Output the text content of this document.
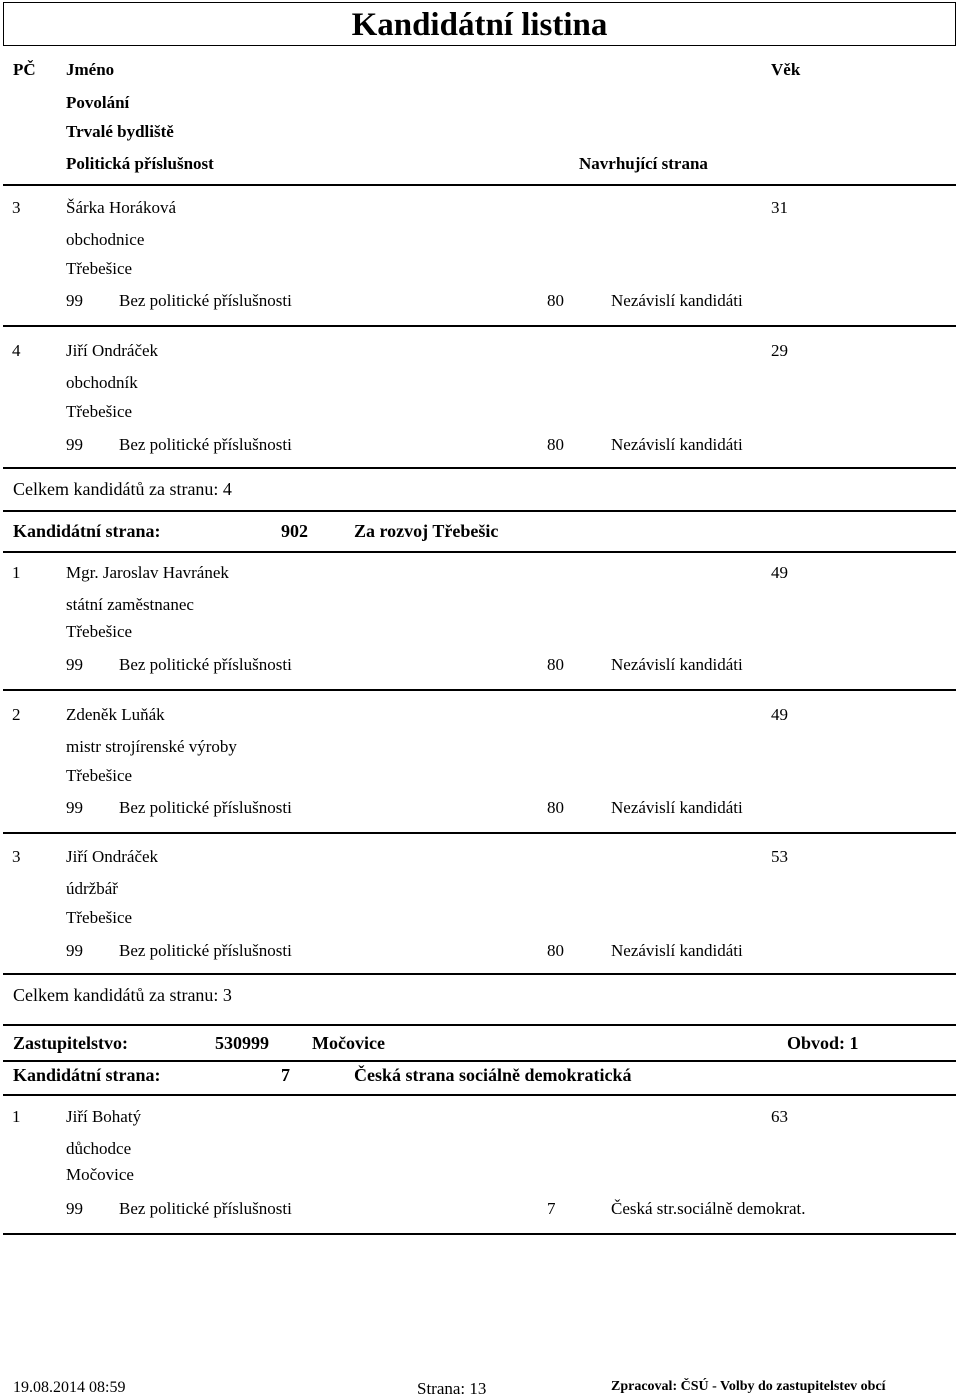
Kandidátní listina
PČ Jméno	Věk
Povolání
Trvalé bydliště
Politická příslušnost	Navrhující strana
3	Šárka Horáková	31
obchodnice
Třebešice
99 Bez politické příslušnosti	80	Nezávislí kandidáti
4	Jiří Ondráček	29
obchodník
Třebešice
99 Bez politické příslušnosti	80	Nezávislí kandidáti
Celkem kandidátů za stranu: 4
Kandidátní strana:	902	Za rozvoj Třebešic
1	Mgr. Jaroslav Havránek	49
státní zaměstnanec
Třebešice
99 Bez politické příslušnosti	80	Nezávislí kandidáti
2	Zdeněk Luňák	49
mistr strojírenské výroby
Třebešice
99 Bez politické příslušnosti	80	Nezávislí kandidáti
3	Jiří Ondráček	53
údržbář
Třebešice
99 Bez politické příslušnosti	80	Nezávislí kandidáti
Celkem kandidátů za stranu: 3
Zastupitelstvo:	530999 Močovice	Obvod: 1
Kandidátní strana:	7	Česká strana sociálně demokratická
1	Jiří Bohatý	63
důchodce
Močovice
99 Bez politické příslušnosti	7	Česká str.sociálně demokrat.
19.08.2014 08:59	Strana: 13	Zpracoval: ČSÚ - Volby do zastupitelstev obcí
